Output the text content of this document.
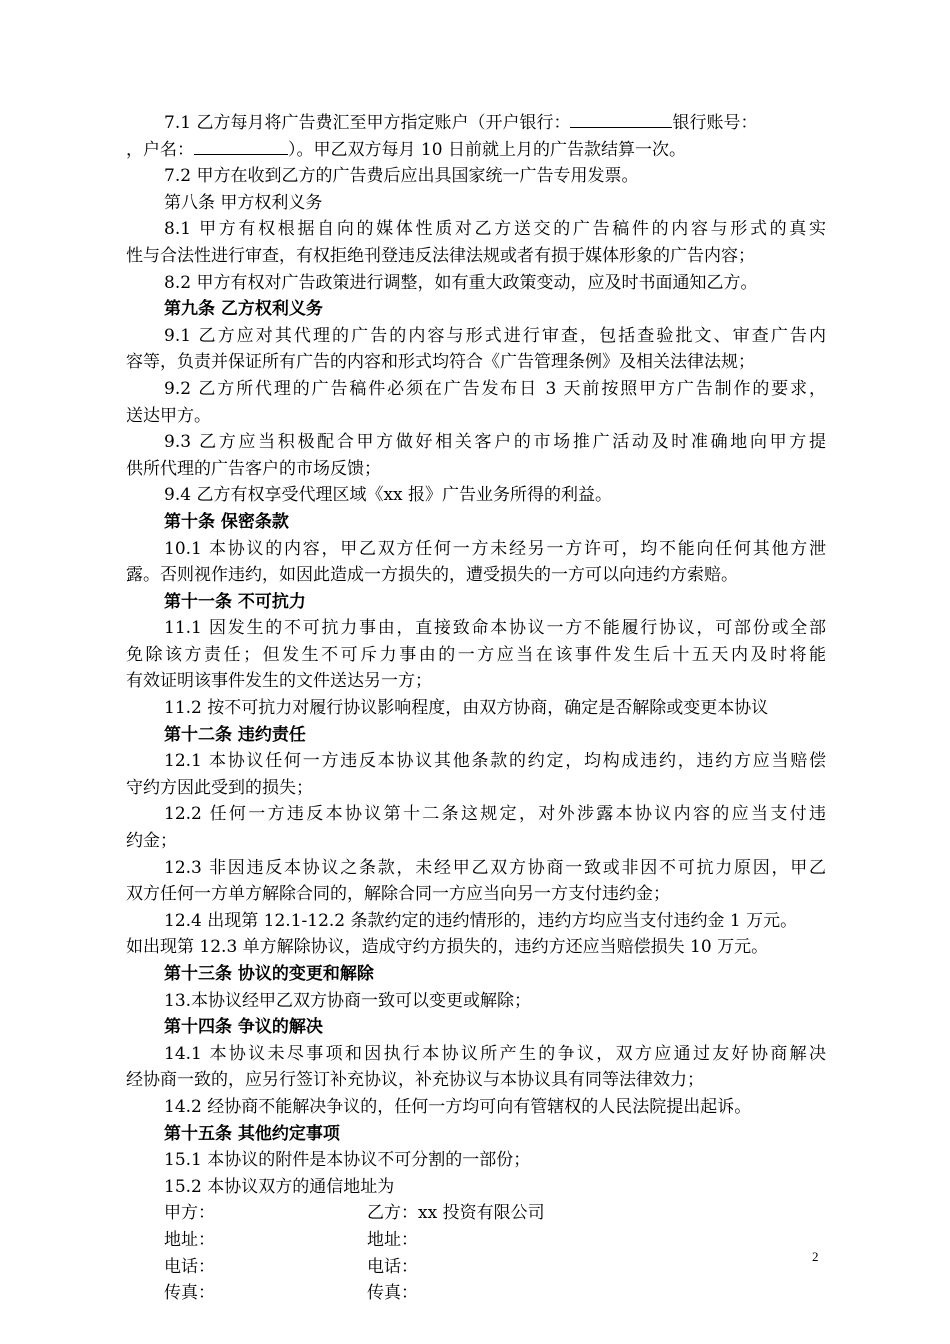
7.1 乙方每月将广告费汇至甲方指定账户（开户银行：	银行账号：
，户名：	）。甲乙双方每月 10 日前就上月的广告款结算一次。
7.2 甲方在收到乙方的广告费后应出具国家统一广告专用发票。
第八条 甲方权利义务
8.1 甲方有权根据自向的媒体性质对乙方送交的广告稿件的内容与形式的真实
性与合法性进行审查，有权拒绝刊登违反法律法规或者有损于媒体形象的广告内容；
8.2 甲方有权对广告政策进行调整，如有重大政策变动，应及时书面通知乙方。
第九条 乙方权利义务
9.1 乙方应对其代理的广告的内容与形式进行审查，包括查验批文、审查广告内
容等，负责并保证所有广告的内容和形式均符合《广告管理条例》及相关法律法规；
9.2 乙方所代理的广告稿件必须在广告发布日 3 天前按照甲方广告制作的要求，
送达甲方。
9.3 乙方应当积极配合甲方做好相关客户的市场推广活动及时准确地向甲方提
供所代理的广告客户的市场反馈；
9.4 乙方有权享受代理区域《xx 报》广告业务所得的利益。
第十条 保密条款
10.1 本协议的内容，甲乙双方任何一方未经另一方许可，均不能向任何其他方泄
露。否则视作违约，如因此造成一方损失的，遭受损失的一方可以向违约方索赔。
第十一条 不可抗力
11.1 因发生的不可抗力事由，直接致命本协议一方不能履行协议，可部份或全部
免除该方责任；但发生不可斥力事由的一方应当在该事件发生后十五天内及时将能
有效证明该事件发生的文件送达另一方；
11.2 按不可抗力对履行协议影响程度，由双方协商，确定是否解除或变更本协议
第十二条 违约责任
12.1 本协议任何一方违反本协议其他条款的约定，均构成违约，违约方应当赔偿
守约方因此受到的损失；
12.2 任何一方违反本协议第十二条这规定，对外涉露本协议内容的应当支付违
约金；
12.3 非因违反本协议之条款，未经甲乙双方协商一致或非因不可抗力原因，甲乙
双方任何一方单方解除合同的，解除合同一方应当向另一方支付违约金；
12.4 出现第 12.1-12.2 条款约定的违约情形的，违约方均应当支付违约金 1 万元。
如出现第 12.3 单方解除协议，造成守约方损失的，违约方还应当赔偿损失 10 万元。
第十三条 协议的变更和解除
13.本协议经甲乙双方协商一致可以变更或解除；
第十四条 争议的解决
14.1 本协议未尽事项和因执行本协议所产生的争议，双方应通过友好协商解决
经协商一致的，应另行签订补充协议，补充协议与本协议具有同等法律效力；
14.2 经协商不能解决争议的，任何一方均可向有管辖权的人民法院提出起诉。
第十五条 其他约定事项
15.1 本协议的附件是本协议不可分割的一部份；
15.2 本协议双方的通信地址为
甲方：	乙方：xx 投资有限公司
地址：	地址：
电话：	电话：
传真：	传真：
2
